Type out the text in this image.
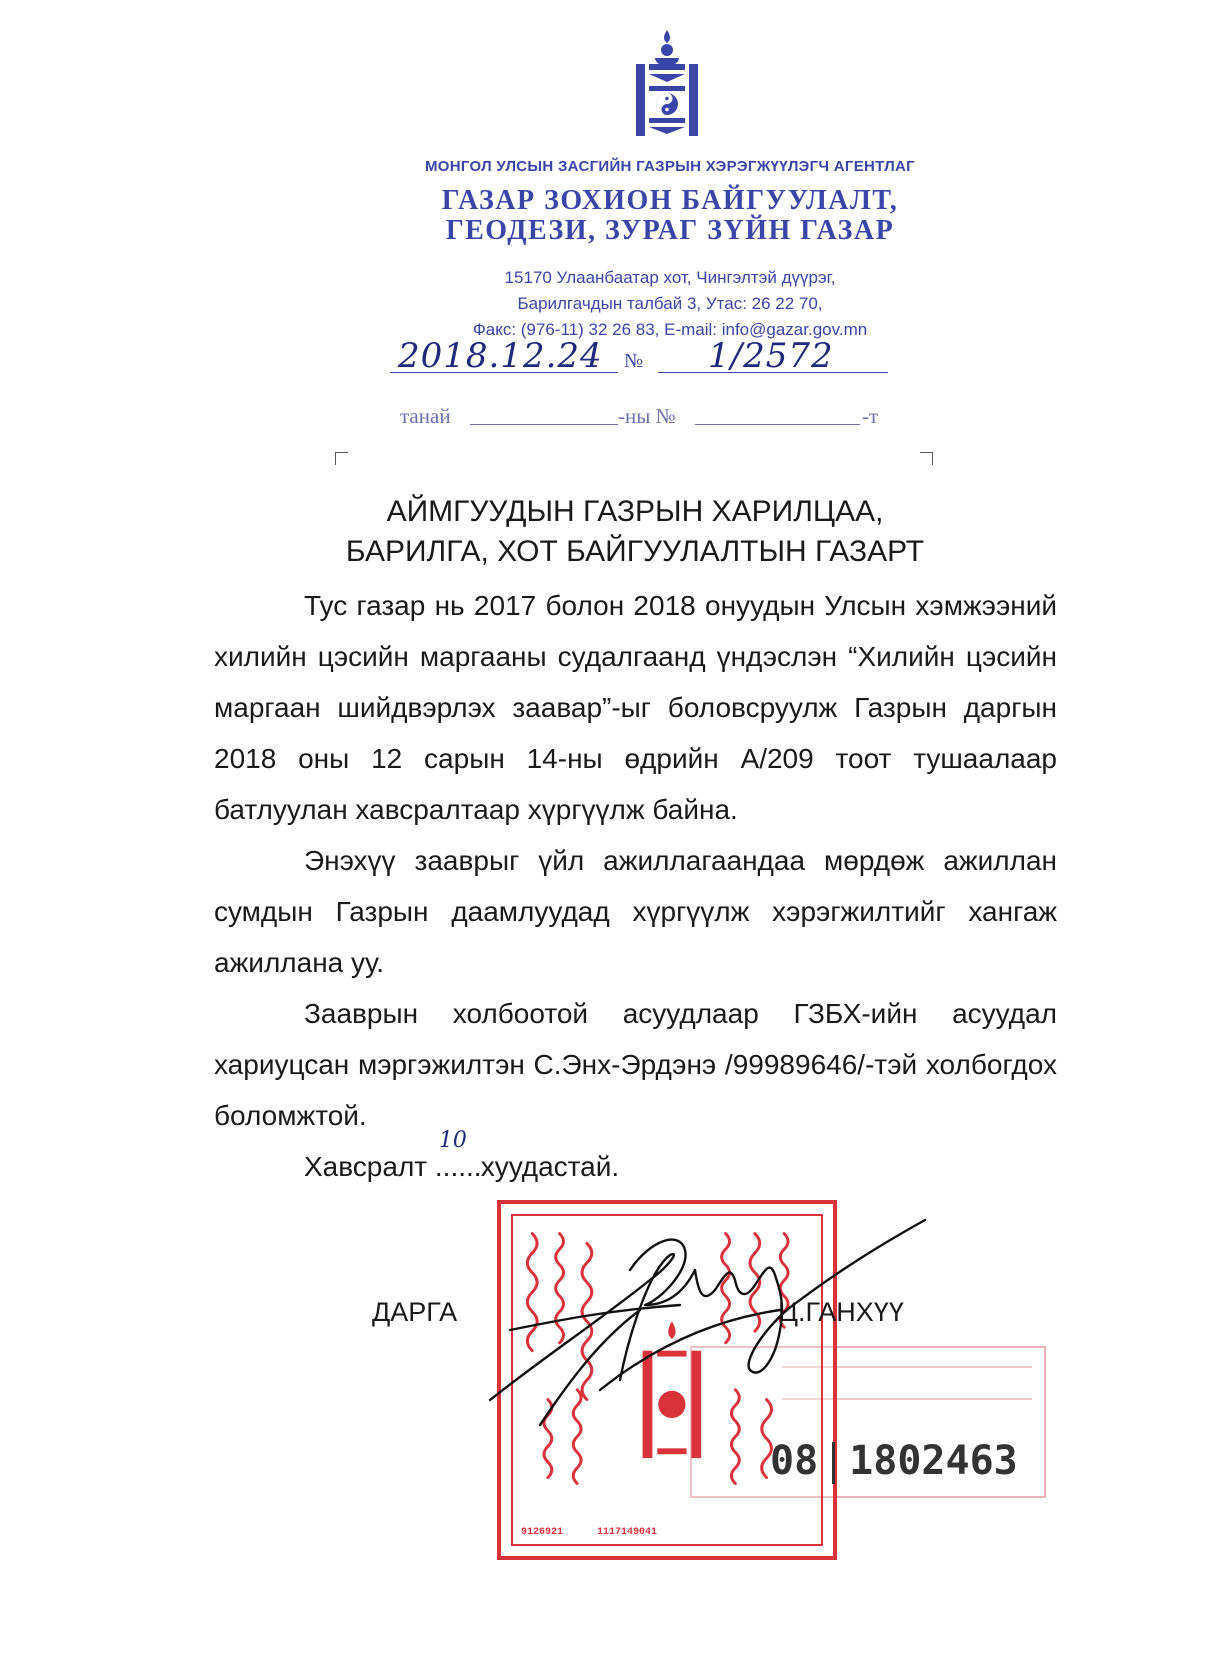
МОНГОЛ УЛСЫН ЗАСГИЙН ГАЗРЫН ХЭРЭГЖҮҮЛЭГЧ АГЕНТЛАГ
ГАЗАР ЗОХИОН БАЙГУУЛАЛТ,
ГЕОДЕЗИ, ЗУРАГ ЗҮЙН ГАЗАР
15170 Улаанбаатар хот, Чингэлтэй дүүрэг,
Барилгачдын талбай 3, Утас: 26 22 70,
Факс: (976-11) 32 26 83, E-mail: info@gazar.gov.mn
2018.12.24 № 1/2572
танай	-ны №	-т
АЙМГУУДЫН ГАЗРЫН ХАРИЛЦАА,
БАРИЛГА, ХОТ БАЙГУУЛАЛТЫН ГАЗАРТ

Тус газар нь 2017 болон 2018 онуудын Улсын хэмжээний хилийн цэсийн маргааны судалгаанд үндэслэн “Хилийн цэсийн маргаан шийдвэрлэх заавар”-ыг боловсруулж Газрын даргын 2018 оны 12 сарын 14-ны өдрийн А/209 тоот тушаалаар батлуулан хавсралтаар хүргүүлж байна.

Энэхүү зааврыг үйл ажиллагаандаа мөрдөж ажиллан сумдын Газрын даамлуудад хүргүүлж хэрэгжилтийг хангаж ажиллана уу.

Зааврын холбоотой асуудлаар ГЗБХ-ийн асуудал хариуцсан мэргэжилтэн С.Энх-Эрдэнэ /99989646/-тэй холбогдох боломжтой.

Хавсралт
10
...... хуудастай.
9126921	1117149041
08 1802463
ДАРГА	Ц.ГАНХҮҮ
